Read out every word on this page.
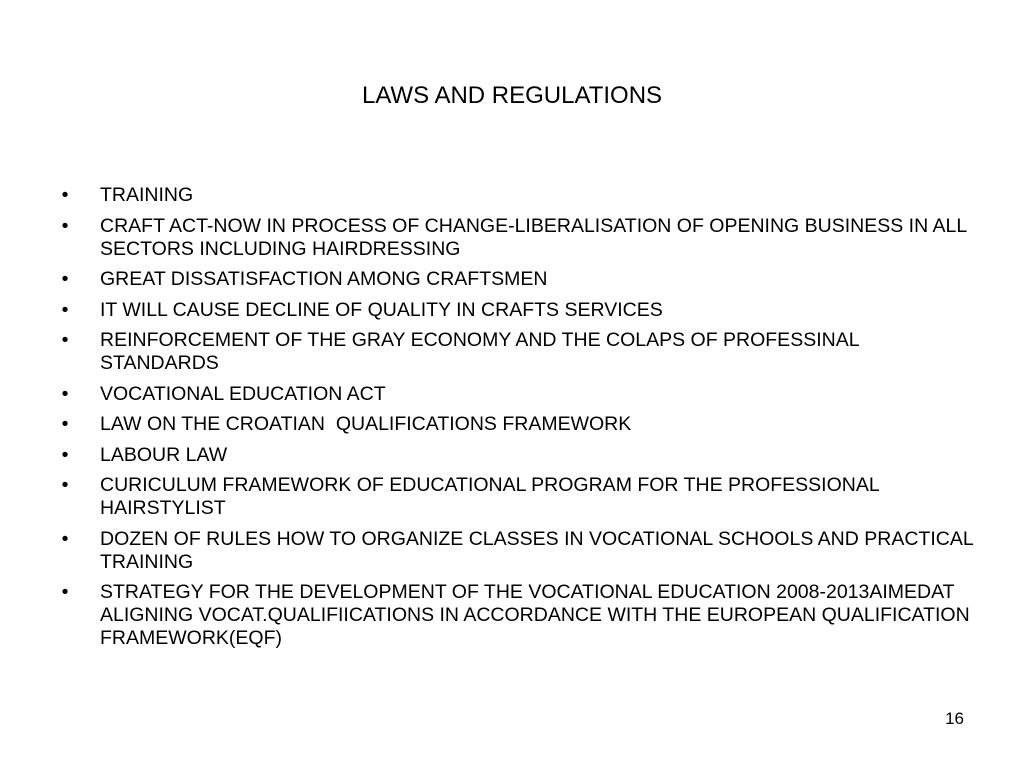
LAWS AND REGULATIONS
• TRAINING
• CRAFT ACT-NOW IN PROCESS OF CHANGE-LIBERALISATION OF OPENING BUSINESS IN ALL SECTORS INCLUDING HAIRDRESSING
• GREAT DISSATISFACTION AMONG CRAFTSMEN
• IT WILL CAUSE DECLINE OF QUALITY IN CRAFTS SERVICES
• REINFORCEMENT OF THE GRAY ECONOMY AND THE COLAPS OF PROFESSINAL STANDARDS
• VOCATIONAL EDUCATION ACT
• LAW ON THE CROATIAN  QUALIFICATIONS FRAMEWORK
• LABOUR LAW
• CURICULUM FRAMEWORK OF EDUCATIONAL PROGRAM FOR THE PROFESSIONAL HAIRSTYLIST
• DOZEN OF RULES HOW TO ORGANIZE CLASSES IN VOCATIONAL SCHOOLS AND PRACTICAL TRAINING
• STRATEGY FOR THE DEVELOPMENT OF THE VOCATIONAL EDUCATION 2008-2013AIMEDAT ALIGNING VOCAT.QUALIFIICATIONS IN ACCORDANCE WITH THE EUROPEAN QUALIFICATION FRAMEWORK(EQF)
16
